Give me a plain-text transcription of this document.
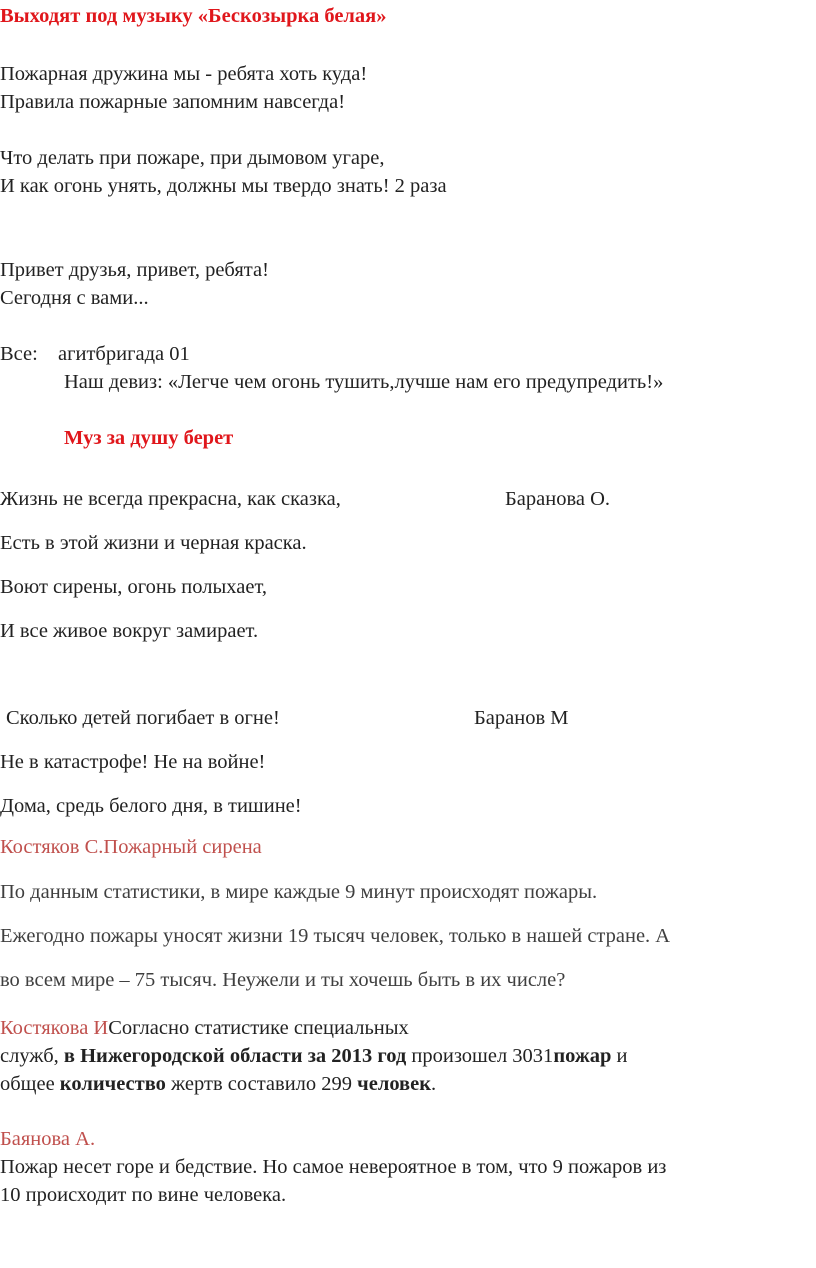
Выходят под музыку «Бескозырка белая»
Пожарная дружина мы - ребята хоть куда!
Правила пожарные запомним навсегда!
Что делать при пожаре, при дымовом угаре,
И как огонь унять, должны мы твердо знать! 2 раза
Привет друзья, привет, ребята!
Сегодня с вами...
Все: агитбригада 01
Наш девиз: «Легче чем огонь тушить,лучше нам его предупредить!»
Муз за душу берет
Жизнь не всегда прекрасна, как сказка,	Баранова О.
Есть в этой жизни и черная краска.
Воют сирены, огонь полыхает,
И все живое вокруг замирает.
Сколько детей погибает в огне!	Баранов М
Не в катастрофе! Не на войне!
Дома, средь белого дня, в тишине!
Костяков С.Пожарный сирена
По данным статистики, в мире каждые 9 минут происходят пожары.
Ежегодно пожары уносят жизни 19 тысяч человек, только в нашей стране. А
во всем мире – 75 тысяч. Неужели и ты хочешь быть в их числе?
Костякова ИСогласно статистике специальных
служб, в Нижегородской области за 2013 год произошел 3031пожар и
общее количество жертв составило 299 человек.
Баянова А.
Пожар несет горе и бедствие. Но самое невероятное в том, что 9 пожаров из
10 происходит по вине человека.
